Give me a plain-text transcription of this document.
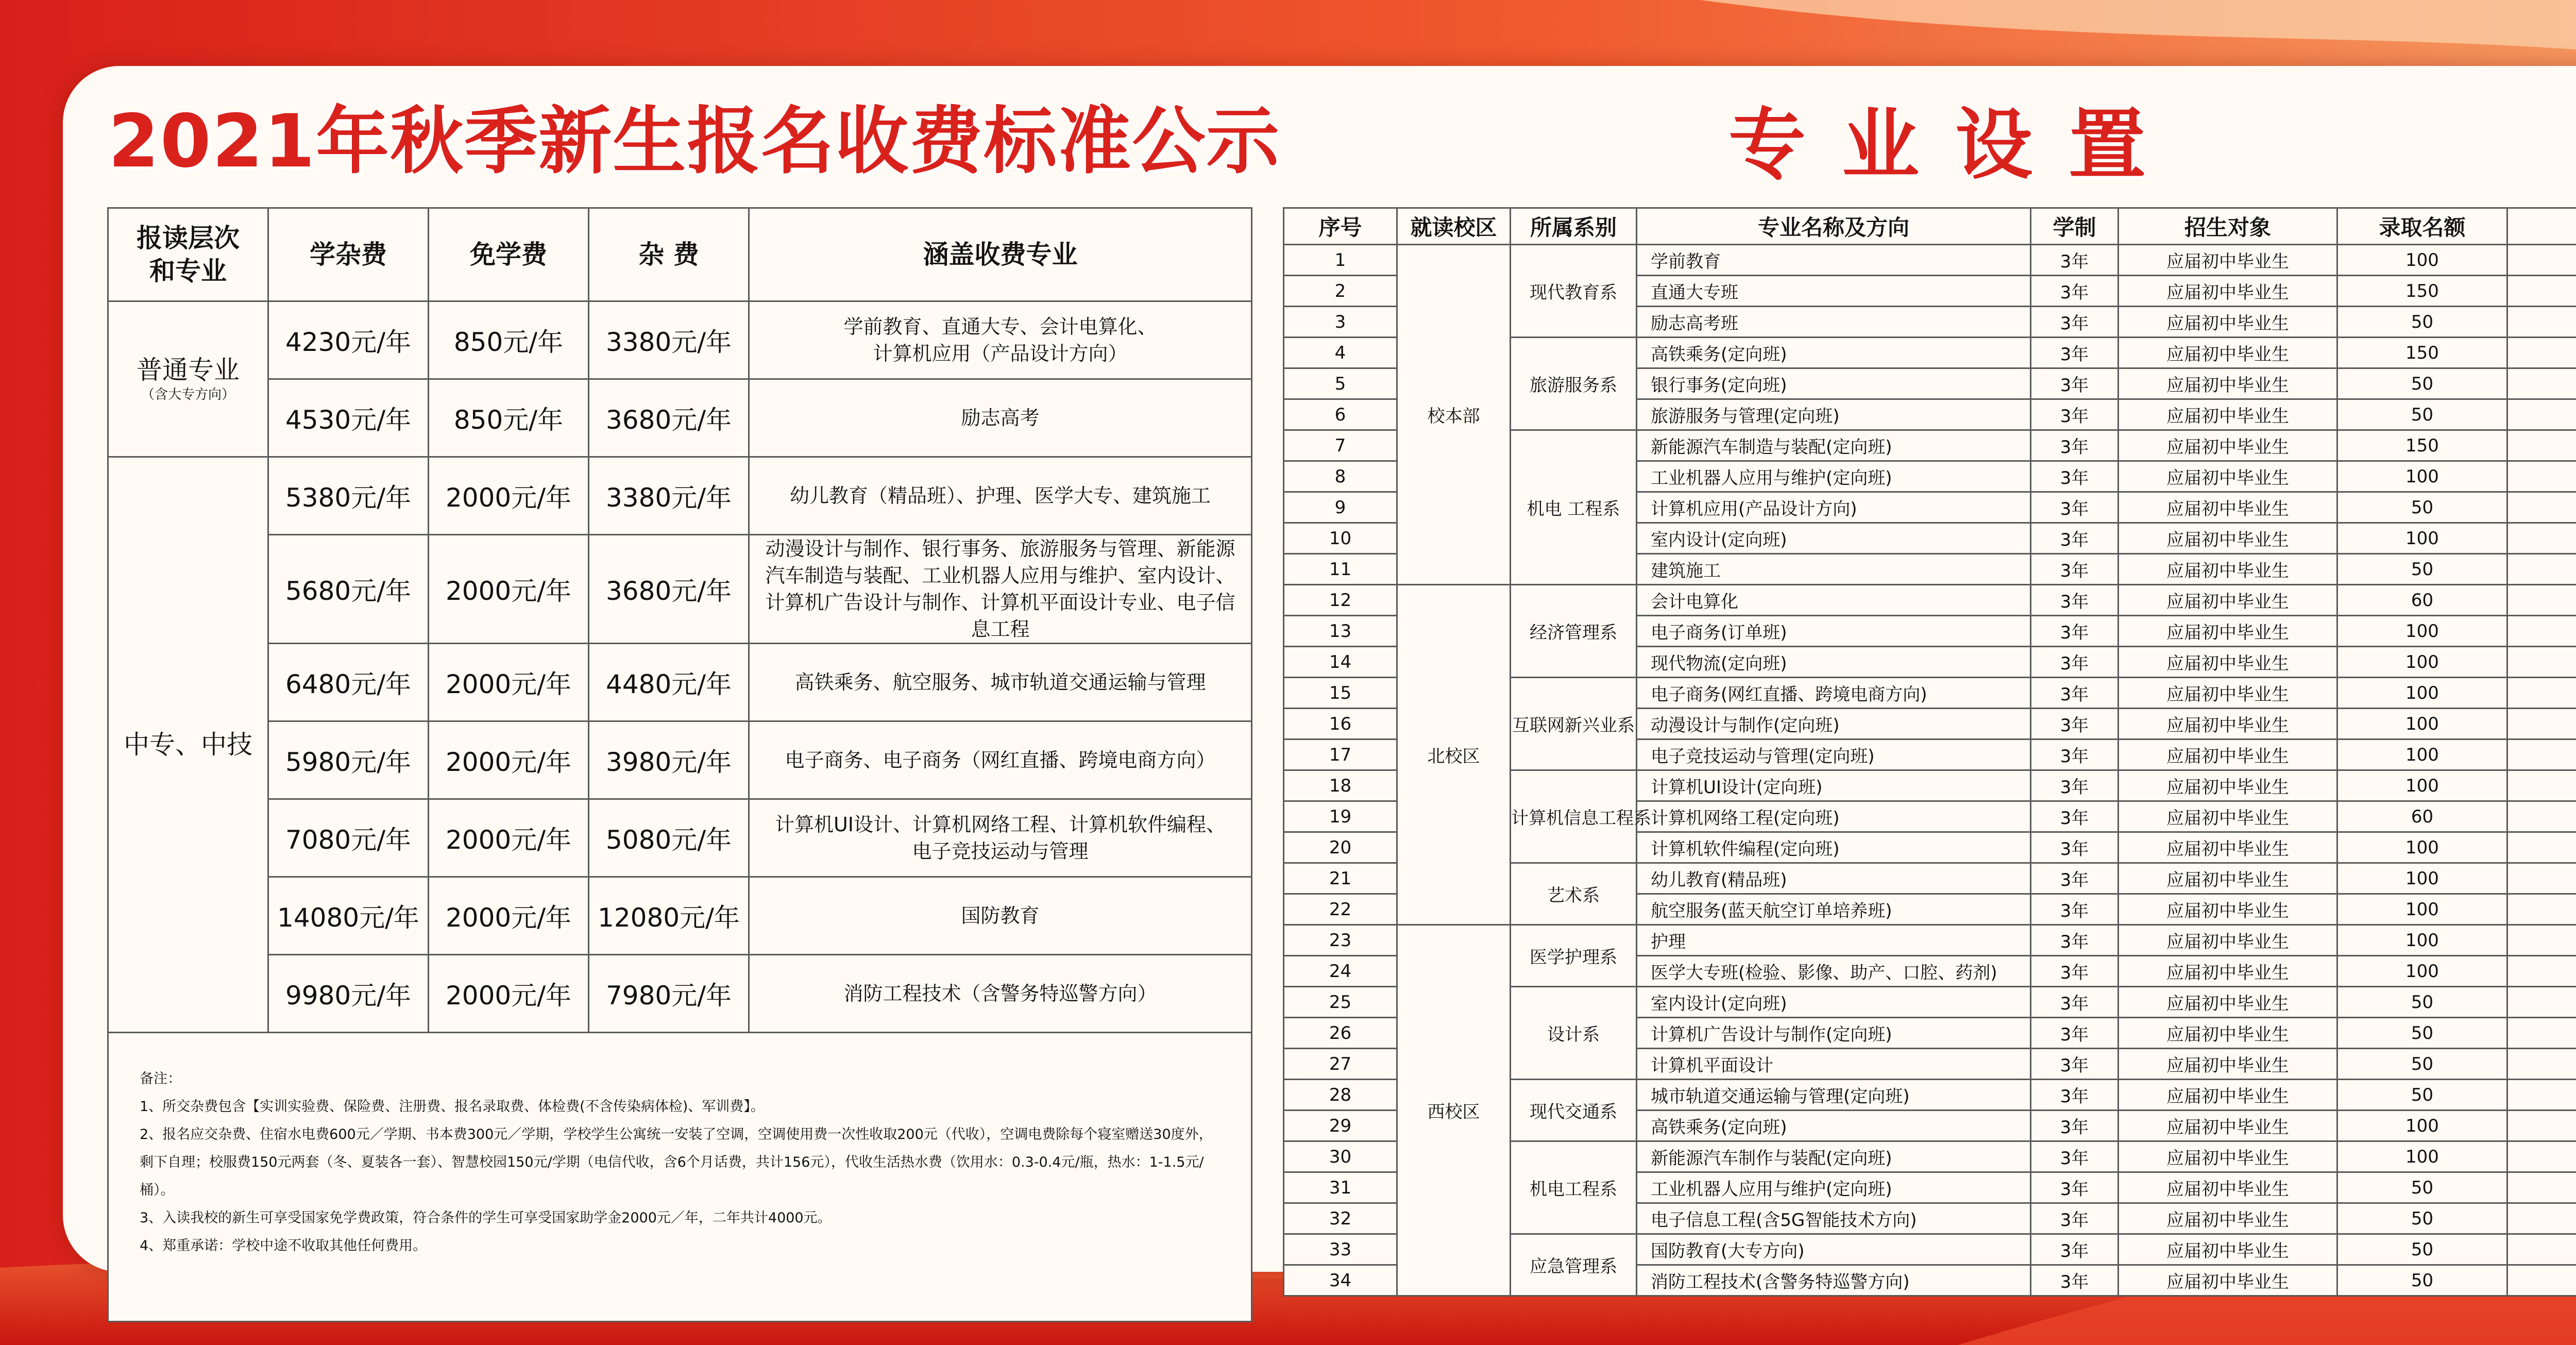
2021年秋季新生报名收费标准公示	专业设置
报读层次
和专业	学杂费	免学费	杂 费	涵盖收费专业
普通专业
（含大专方向）	4230元/年	850元/年	3380元/年	学前教育、直通大专、会计电算化、
计算机应用（产品设计方向）
	4530元/年	850元/年	3680元/年	励志高考
中专、中技	5380元/年	2000元/年	3380元/年	幼儿教育（精品班）、护理、医学大专、建筑施工
	5680元/年	2000元/年	3680元/年	动漫设计与制作、银行事务、旅游服务与管理、新能源汽车制造与装配、工业机器人应用与维护、室内设计、计算机广告设计与制作、计算机平面设计专业、电子信息工程
	6480元/年	2000元/年	4480元/年	高铁乘务、航空服务、城市轨道交通运输与管理
	5980元/年	2000元/年	3980元/年	电子商务、电子商务（网红直播、跨境电商方向）
	7080元/年	2000元/年	5080元/年	计算机UI设计、计算机网络工程、计算机软件编程、
电子竞技运动与管理
	14080元/年	2000元/年	12080元/年	国防教育
	9980元/年	2000元/年	7980元/年	消防工程技术（含警务特巡警方向）

备注：
1、所交杂费包含【实训实验费、保险费、注册费、报名录取费、体检费(不含传染病体检)、军训费】。
2、报名应交杂费、住宿水电费600元／学期、书本费300元／学期，学校学生公寓统一安装了空调，空调使用费一次性收取200元（代收），空调电费除每个寝室赠送30度外，剩下自理；校服费150元两套（冬、夏装各一套）、智慧校园150元/学期（电信代收，含6个月话费，共计156元），代收生活热水费（饮用水：0.3-0.4元/瓶，热水：1-1.5元/桶）。
3、入读我校的新生可享受国家免学费政策，符合条件的学生可享受国家助学金2000元／年，二年共计4000元。
4、郑重承诺：学校中途不收取其他任何费用。				
序号	就读校区	所属系别	专业名称及方向	学制	招生对象	录取名额	
1	校本部	现代教育系	学前教育	3年	应届初中毕业生	100	
2			直通大专班	3年	应届初中毕业生	150	
3			励志高考班	3年	应届初中毕业生	50	
4		旅游服务系	高铁乘务(定向班)	3年	应届初中毕业生	150	
5			银行事务(定向班)	3年	应届初中毕业生	50	
6			旅游服务与管理(定向班)	3年	应届初中毕业生	50	
7		机电 工程系	新能源汽车制造与装配(定向班)	3年	应届初中毕业生	150	
8			工业机器人应用与维护(定向班)	3年	应届初中毕业生	100	
9			计算机应用(产品设计方向)	3年	应届初中毕业生	50	
10			室内设计(定向班)	3年	应届初中毕业生	100	
11			建筑施工	3年	应届初中毕业生	50	
12	北校区	经济管理系	会计电算化	3年	应届初中毕业生	60	
13			电子商务(订单班)	3年	应届初中毕业生	100	
14			现代物流(定向班)	3年	应届初中毕业生	100	
15		互联网新兴业系	电子商务(网红直播、跨境电商方向)	3年	应届初中毕业生	100	
16			动漫设计与制作(定向班)	3年	应届初中毕业生	100	
17			电子竞技运动与管理(定向班)	3年	应届初中毕业生	100	
18		计算机信息工程系	计算机UI设计(定向班)	3年	应届初中毕业生	100	
19			计算机网络工程(定向班)	3年	应届初中毕业生	60	
20			计算机软件编程(定向班)	3年	应届初中毕业生	100	
21		艺术系	幼儿教育(精品班)	3年	应届初中毕业生	100	
22			航空服务(蓝天航空订单培养班)	3年	应届初中毕业生	100	
23	西校区	医学护理系	护理	3年	应届初中毕业生	100	
24			医学大专班(检验、影像、助产、口腔、药剂)	3年	应届初中毕业生	100	
25		设计系	室内设计(定向班)	3年	应届初中毕业生	50	
26			计算机广告设计与制作(定向班)	3年	应届初中毕业生	50	
27			计算机平面设计	3年	应届初中毕业生	50	
28		现代交通系	城市轨道交通运输与管理(定向班)	3年	应届初中毕业生	50	
29			高铁乘务(定向班)	3年	应届初中毕业生	100	
30		机电工程系	新能源汽车制作与装配(定向班)	3年	应届初中毕业生	100	
31			工业机器人应用与维护(定向班)	3年	应届初中毕业生	50	
32			电子信息工程(含5G智能技术方向)	3年	应届初中毕业生	50	
33		应急管理系	国防教育(大专方向)	3年	应届初中毕业生	50	
34			消防工程技术(含警务特巡警方向)	3年	应届初中毕业生	50	
